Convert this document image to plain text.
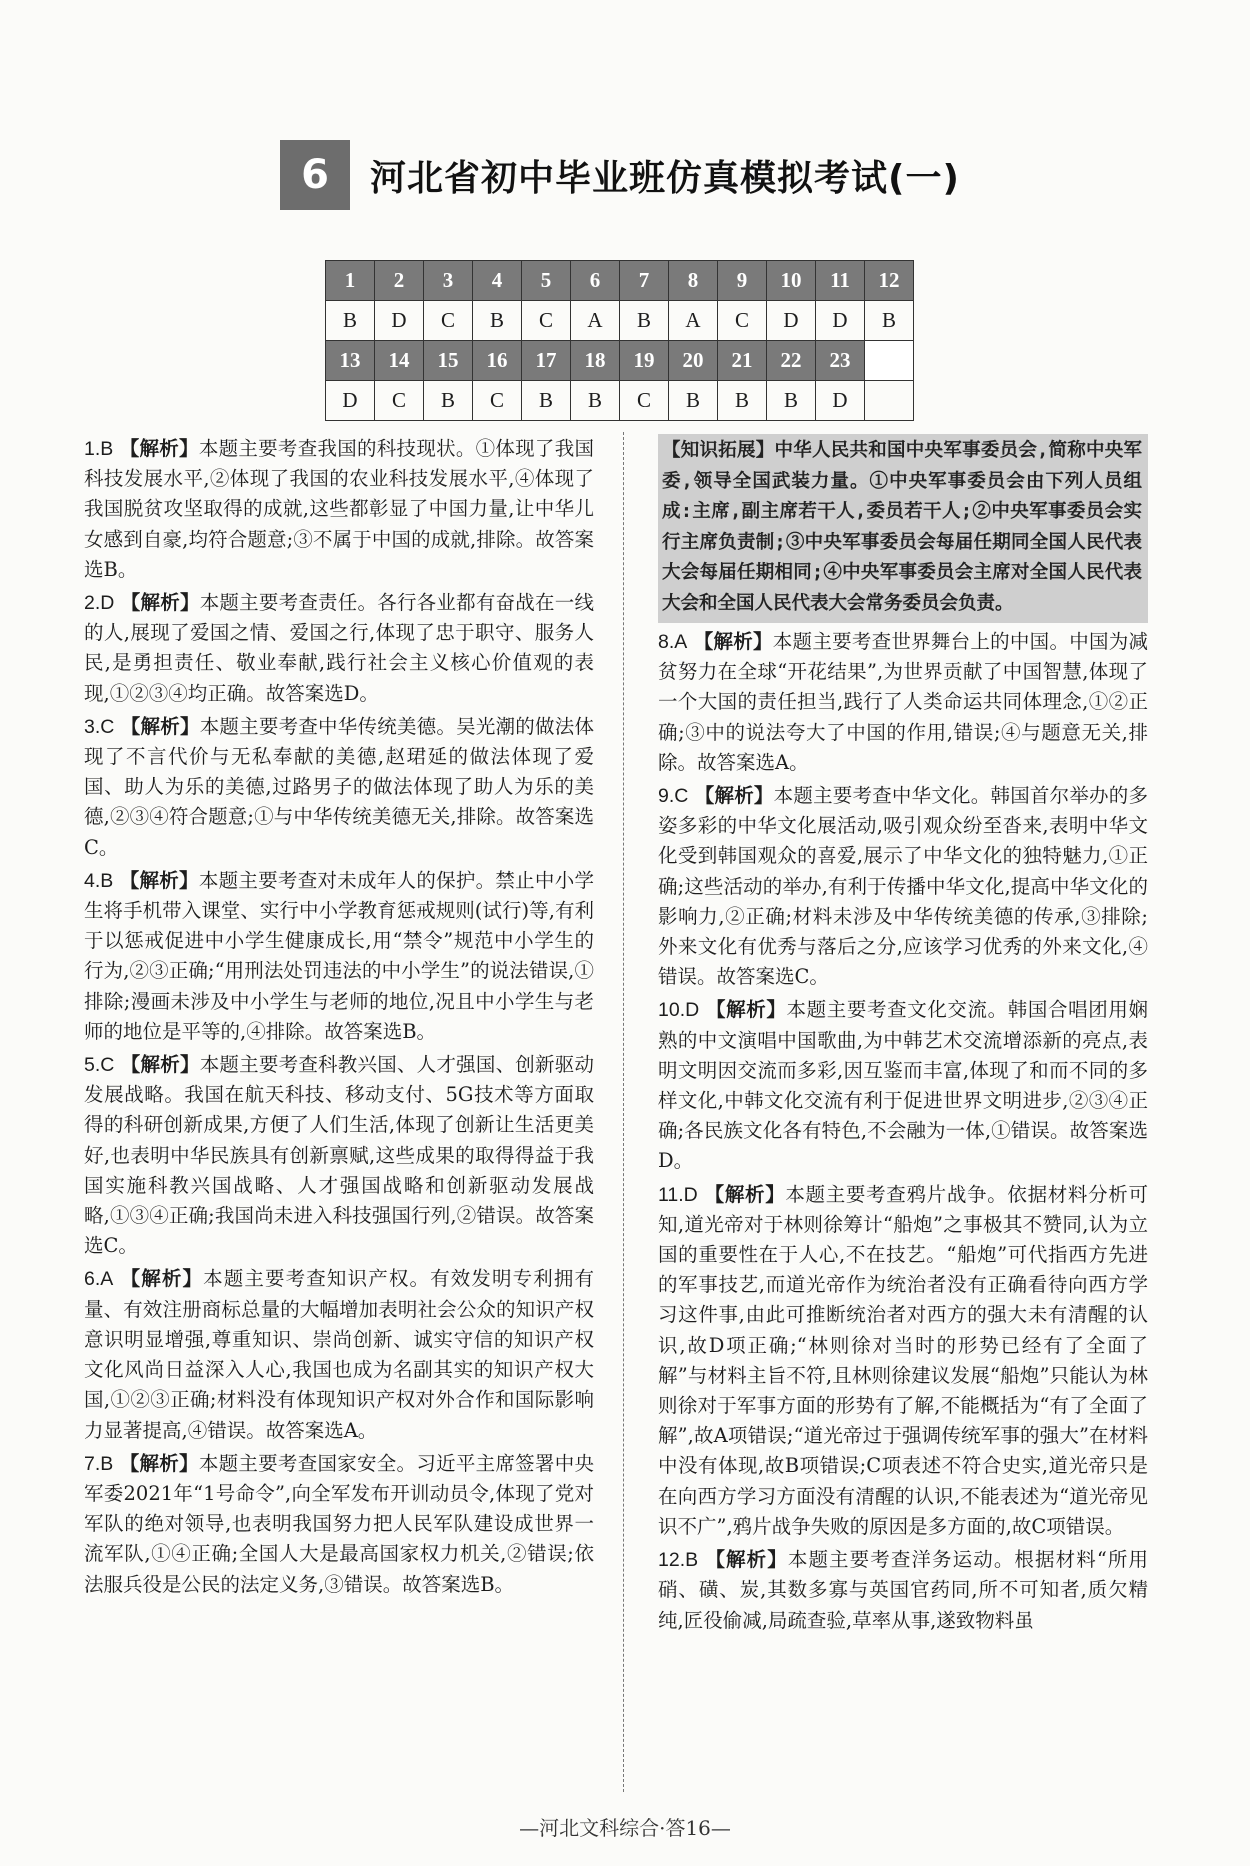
6	河北省初中毕业班仿真模拟考试(一)
1	2	3	4	5	6	7	8	9	10	11	12
B	D	C	B	C	A	B	A	C	D	D	B
13	14	15	16	17	18	19	20	21	22	23	
D	C	B	C	B	B	C	B	B	B	D	
1.B 【解析】本题主要考查我国的科技现状。①体现了我国科技发展水平,②体现了我国的农业科技发展水平,④体现了我国脱贫攻坚取得的成就,这些都彰显了中国力量,让中华儿女感到自豪,均符合题意;③不属于中国的成就,排除。故答案选B。
2.D 【解析】本题主要考查责任。各行各业都有奋战在一线的人,展现了爱国之情、爱国之行,体现了忠于职守、服务人民,是勇担责任、敬业奉献,践行社会主义核心价值观的表现,①②③④均正确。故答案选D。
3.C 【解析】本题主要考查中华传统美德。吴光潮的做法体现了不言代价与无私奉献的美德,赵珺延的做法体现了爱国、助人为乐的美德,过路男子的做法体现了助人为乐的美德,②③④符合题意;①与中华传统美德无关,排除。故答案选C。
4.B 【解析】本题主要考查对未成年人的保护。禁止中小学生将手机带入课堂、实行中小学教育惩戒规则(试行)等,有利于以惩戒促进中小学生健康成长,用“禁令”规范中小学生的行为,②③正确;“用刑法处罚违法的中小学生”的说法错误,①排除;漫画未涉及中小学生与老师的地位,况且中小学生与老师的地位是平等的,④排除。故答案选B。
5.C 【解析】本题主要考查科教兴国、人才强国、创新驱动发展战略。我国在航天科技、移动支付、5G技术等方面取得的科研创新成果,方便了人们生活,体现了创新让生活更美好,也表明中华民族具有创新禀赋,这些成果的取得得益于我国实施科教兴国战略、人才强国战略和创新驱动发展战略,①③④正确;我国尚未进入科技强国行列,②错误。故答案选C。
6.A 【解析】本题主要考查知识产权。有效发明专利拥有量、有效注册商标总量的大幅增加表明社会公众的知识产权意识明显增强,尊重知识、崇尚创新、诚实守信的知识产权文化风尚日益深入人心,我国也成为名副其实的知识产权大国,①②③正确;材料没有体现知识产权对外合作和国际影响力显著提高,④错误。故答案选A。
7.B 【解析】本题主要考查国家安全。习近平主席签署中央军委2021年“1号命令”,向全军发布开训动员令,体现了党对军队的绝对领导,也表明我国努力把人民军队建设成世界一流军队,①④正确;全国人大是最高国家权力机关,②错误;依法服兵役是公民的法定义务,③错误。故答案选B。
【知识拓展】中华人民共和国中央军事委员会,简称中央军委,领导全国武装力量。①中央军事委员会由下列人员组成:主席,副主席若干人,委员若干人;②中央军事委员会实行主席负责制;③中央军事委员会每届任期同全国人民代表大会每届任期相同;④中央军事委员会主席对全国人民代表大会和全国人民代表大会常务委员会负责。
8.A 【解析】本题主要考查世界舞台上的中国。中国为减贫努力在全球“开花结果”,为世界贡献了中国智慧,体现了一个大国的责任担当,践行了人类命运共同体理念,①②正确;③中的说法夸大了中国的作用,错误;④与题意无关,排除。故答案选A。
9.C 【解析】本题主要考查中华文化。韩国首尔举办的多姿多彩的中华文化展活动,吸引观众纷至沓来,表明中华文化受到韩国观众的喜爱,展示了中华文化的独特魅力,①正确;这些活动的举办,有利于传播中华文化,提高中华文化的影响力,②正确;材料未涉及中华传统美德的传承,③排除;外来文化有优秀与落后之分,应该学习优秀的外来文化,④错误。故答案选C。
10.D 【解析】本题主要考查文化交流。韩国合唱团用娴熟的中文演唱中国歌曲,为中韩艺术交流增添新的亮点,表明文明因交流而多彩,因互鉴而丰富,体现了和而不同的多样文化,中韩文化交流有利于促进世界文明进步,②③④正确;各民族文化各有特色,不会融为一体,①错误。故答案选D。
11.D 【解析】本题主要考查鸦片战争。依据材料分析可知,道光帝对于林则徐筹计“船炮”之事极其不赞同,认为立国的重要性在于人心,不在技艺。“船炮”可代指西方先进的军事技艺,而道光帝作为统治者没有正确看待向西方学习这件事,由此可推断统治者对西方的强大未有清醒的认识,故D项正确;“林则徐对当时的形势已经有了全面了解”与材料主旨不符,且林则徐建议发展“船炮”只能认为林则徐对于军事方面的形势有了解,不能概括为“有了全面了解”,故A项错误;“道光帝过于强调传统军事的强大”在材料中没有体现,故B项错误;C项表述不符合史实,道光帝只是在向西方学习方面没有清醒的认识,不能表述为“道光帝见识不广”,鸦片战争失败的原因是多方面的,故C项错误。
12.B 【解析】本题主要考查洋务运动。根据材料“所用硝、磺、炭,其数多寡与英国官药同,所不可知者,质欠精纯,匠役偷减,局疏查验,草率从事,遂致物料虽
—河北文科综合·答16—
